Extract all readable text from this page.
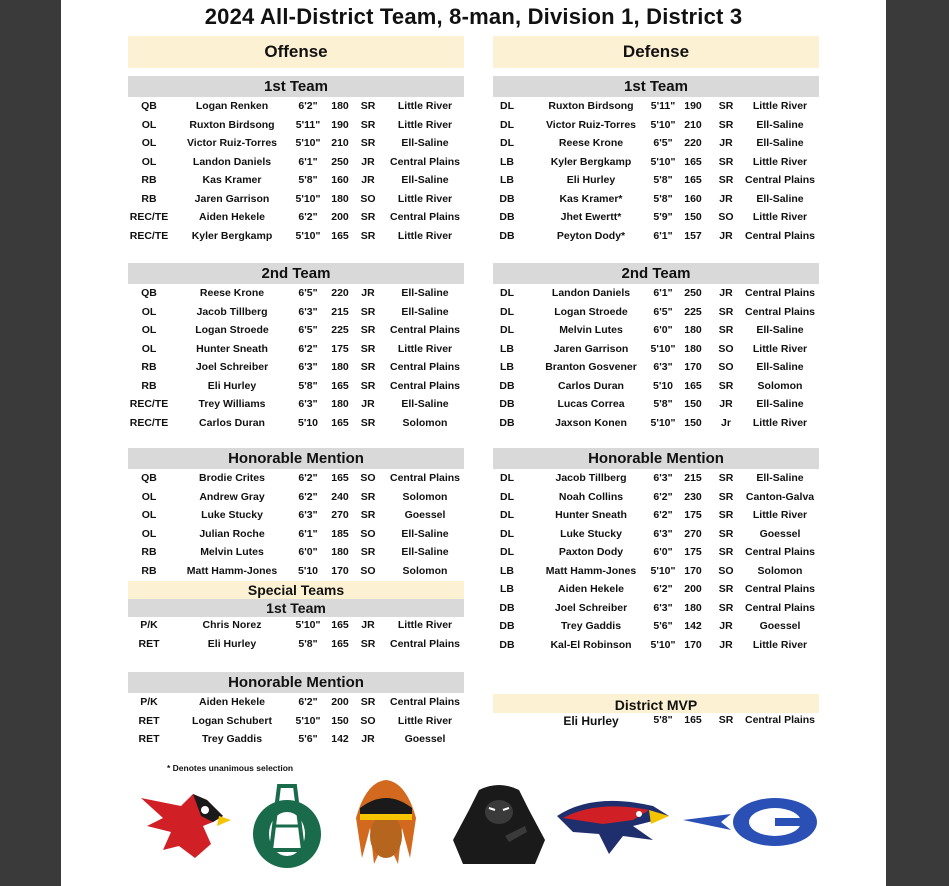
2024 All-District Team, 8-man, Division 1, District 3
Offense
1st Team
QB	Logan Renken	6'2"	180	SR	Little River
OL	Ruxton Birdsong	5'11"	190	SR	Little River
OL	Victor Ruiz-Torres	5'10"	210	SR	Ell-Saline
OL	Landon Daniels	6'1"	250	JR	Central Plains
RB	Kas Kramer	5'8"	160	JR	Ell-Saline
RB	Jaren Garrison	5'10"	180	SO	Little River
REC/TE	Aiden Hekele	6'2"	200	SR	Central Plains
REC/TE	Kyler Bergkamp	5'10"	165	SR	Little River
2nd Team
QB	Reese Krone	6'5"	220	JR	Ell-Saline
OL	Jacob Tillberg	6'3"	215	SR	Ell-Saline
OL	Logan Stroede	6'5"	225	SR	Central Plains
OL	Hunter Sneath	6'2"	175	SR	Little River
RB	Joel Schreiber	6'3"	180	SR	Central Plains
RB	Eli Hurley	5'8"	165	SR	Central Plains
REC/TE	Trey Williams	6'3"	180	JR	Ell-Saline
REC/TE	Carlos Duran	5'10	165	SR	Solomon
Honorable Mention
QB	Brodie Crites	6'2"	165	SO	Central Plains
OL	Andrew Gray	6'2"	240	SR	Solomon
OL	Luke Stucky	6'3"	270	SR	Goessel
OL	Julian Roche	6'1"	185	SO	Ell-Saline
RB	Melvin Lutes	6'0"	180	SR	Ell-Saline
RB	Matt Hamm-Jones	5'10	170	SO	Solomon
Special Teams
1st Team
P/K	Chris Norez	5'10"	165	JR	Little River
RET	Eli Hurley	5'8"	165	SR	Central Plains
Honorable Mention
P/K	Aiden Hekele	6'2"	200	SR	Central Plains
RET	Logan Schubert	5'10"	150	SO	Little River
RET	Trey Gaddis	5'6"	142	JR	Goessel
Defense
1st Team
DL	Ruxton Birdsong	5'11" 190	SR	Little River
DL	Victor Ruiz-Torres	5'10" 210	SR	Ell-Saline
DL	Reese Krone	6'5"	220	JR	Ell-Saline
LB	Kyler Bergkamp	5'10" 165	SR	Little River
LB	Eli Hurley	5'8"	165	SR	Central Plains
DB	Kas Kramer*	5'8"	160	JR	Ell-Saline
DB	Jhet Ewertt*	5'9"	150	SO	Little River
DB	Peyton Dody*	6'1"	157	JR	Central Plains
2nd Team
DL	Landon Daniels	6'1"	250	JR	Central Plains
DL	Logan Stroede	6'5"	225	SR	Central Plains
DL	Melvin Lutes	6'0"	180	SR	Ell-Saline
LB	Jaren Garrison	5'10" 180	SO	Little River
LB	Branton Gosvener	6'3"	170	SO	Ell-Saline
DB	Carlos Duran	5'10	165	SR	Solomon
DB	Lucas Correa	5'8"	150	JR	Ell-Saline
DB	Jaxson Konen	5'10" 150	Jr	Little River
Honorable Mention
DL	Jacob Tillberg	6'3"	215	SR	Ell-Saline
DL	Noah Collins	6'2"	230	SR	Canton-Galva
DL	Hunter Sneath	6'2"	175	SR	Little River
DL	Luke Stucky	6'3"	270	SR	Goessel
DL	Paxton Dody	6'0"	175	SR	Central Plains
LB	Matt Hamm-Jones	5'10" 170	SO	Solomon
LB	Aiden Hekele	6'2"	200	SR	Central Plains
DB	Joel Schreiber	6'3"	180	SR	Central Plains
DB	Trey Gaddis	5'6"	142	JR	Goessel
DB	Kal-El Robinson	5'10" 170	JR	Little River
District MVP
Eli Hurley	5'8"	165	SR	Central Plains
* Denotes unanimous selection
